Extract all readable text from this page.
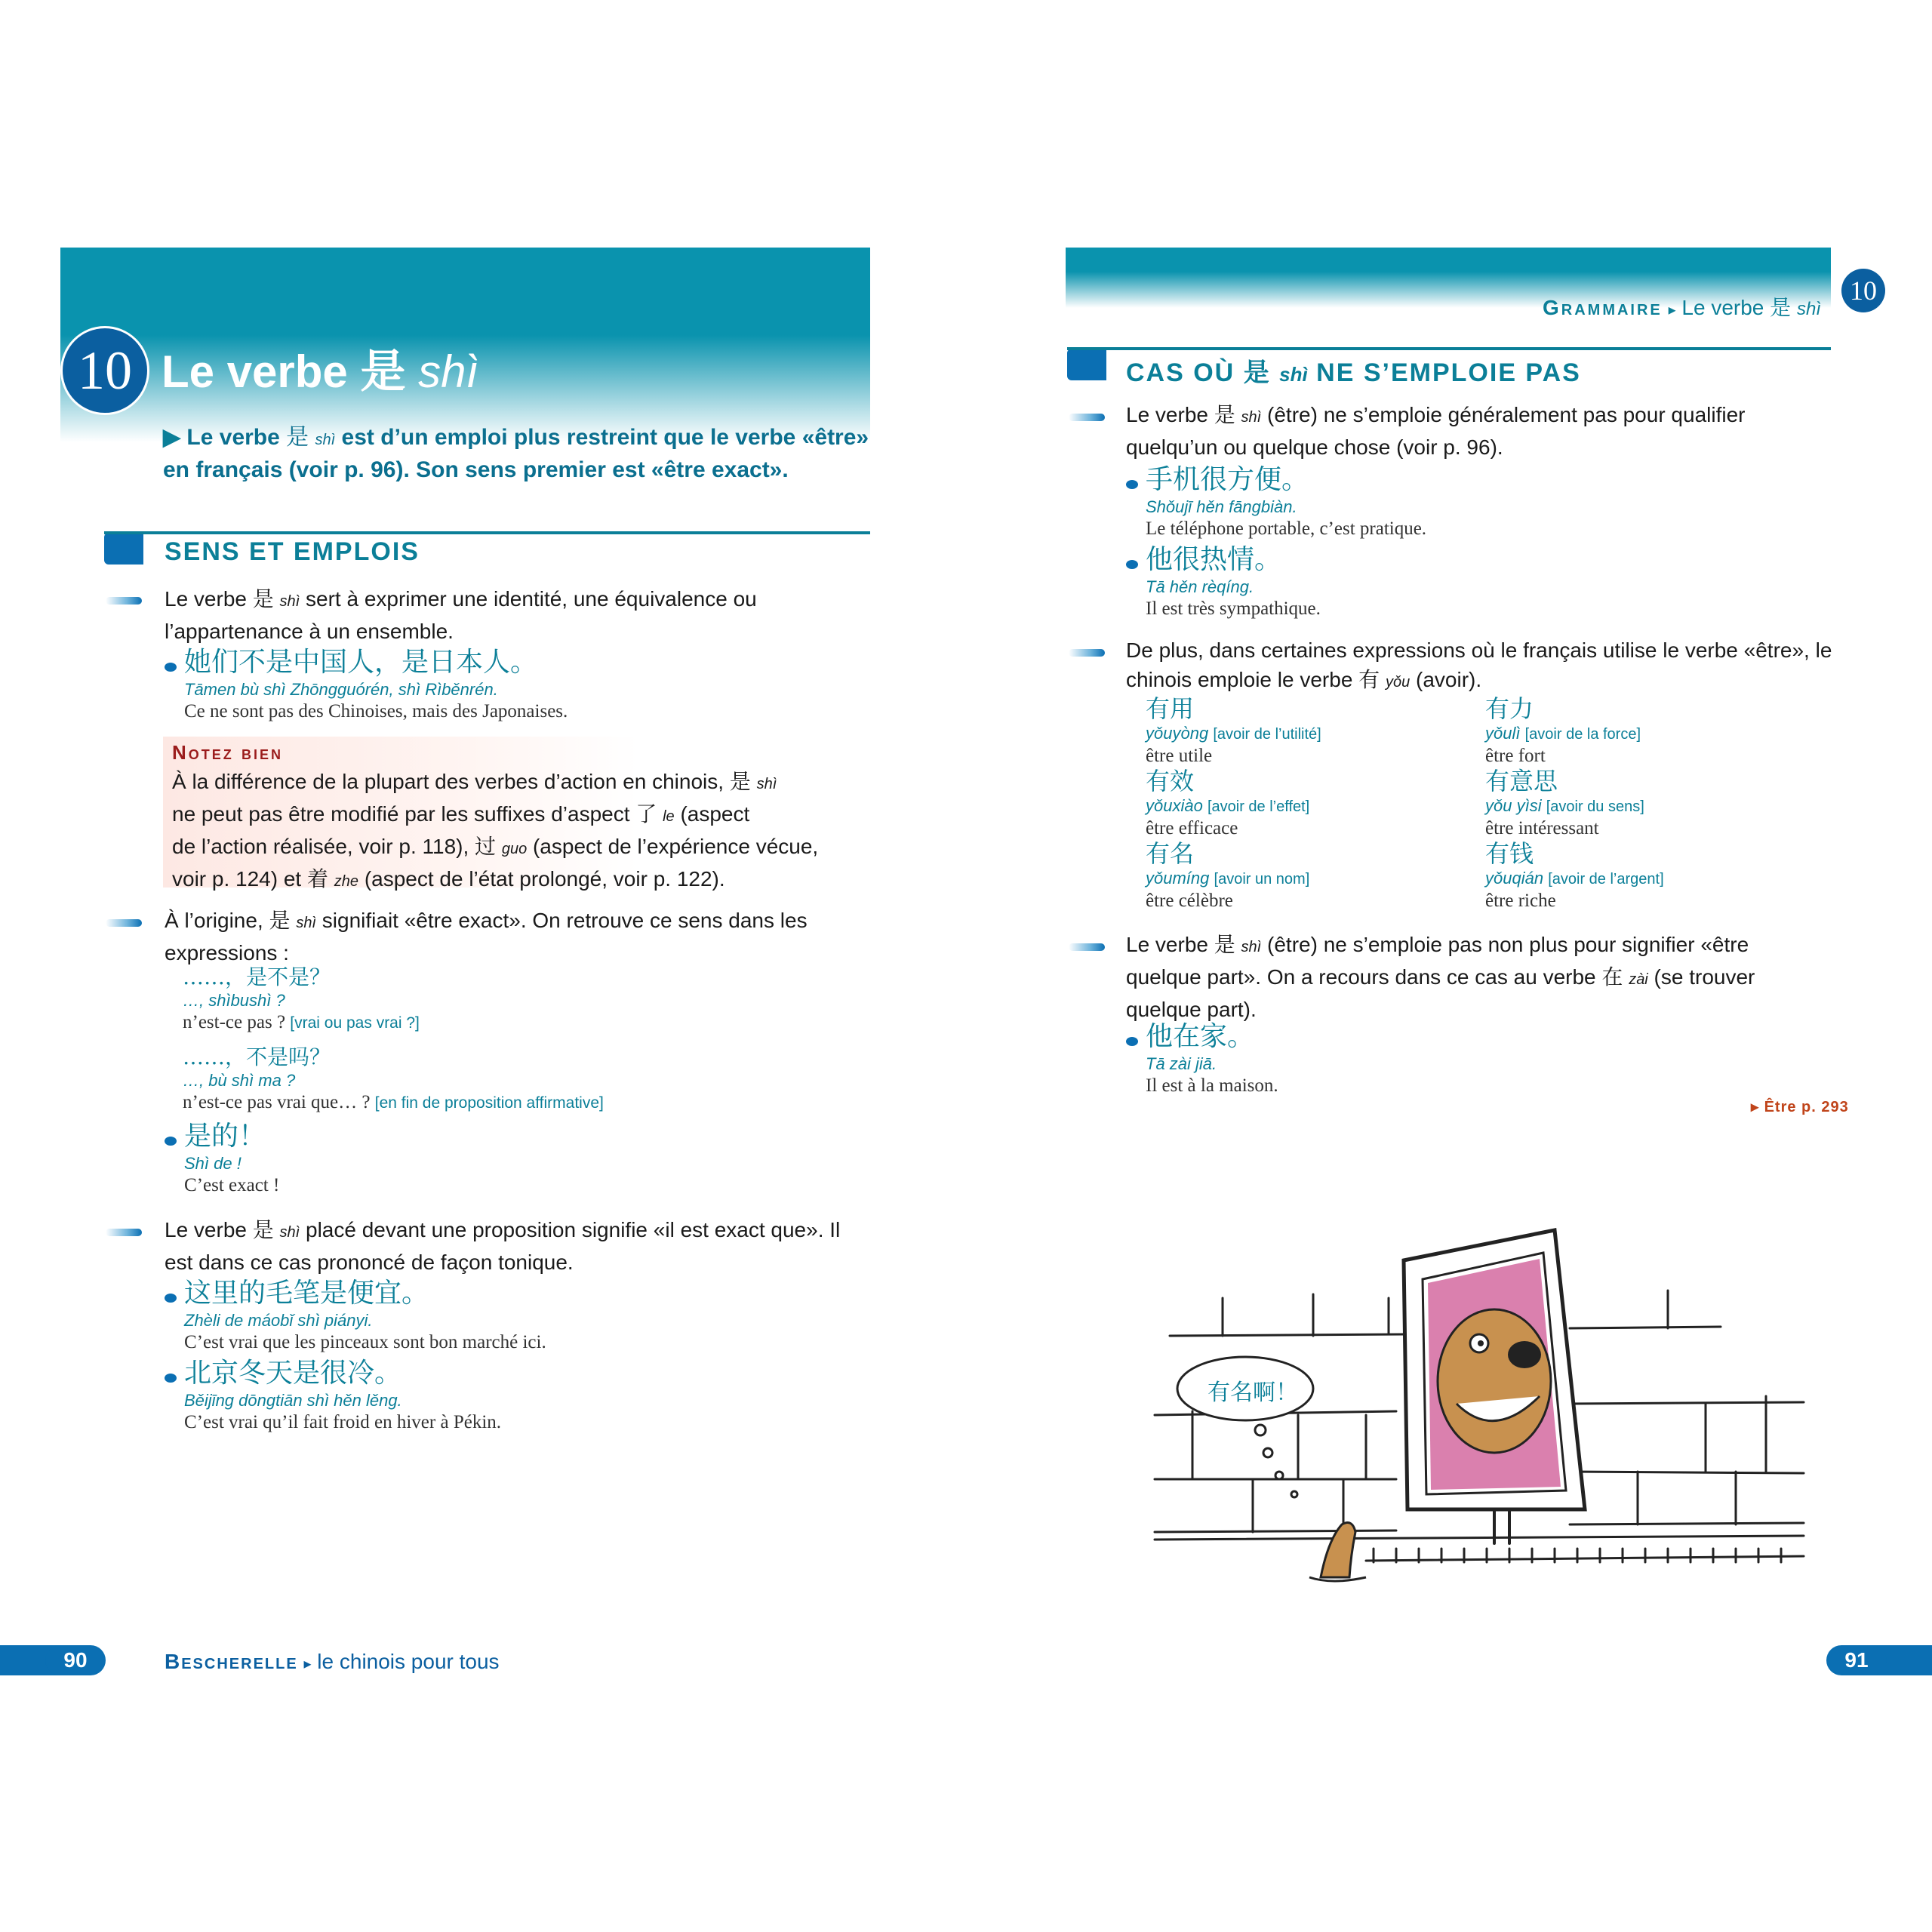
10 Le verbe 是 shì
▶ Le verbe 是 shì est d’un emploi plus restreint que le verbe «être» en français (voir p. 96). Son sens premier est «être exact».
SENS ET EMPLOIS
Le verbe 是 shì sert à exprimer une identité, une équivalence ou l’appartenance à un ensemble.
她们不是中国人，是日本人。
Tāmen bù shì Zhōngguórén, shì Rìběnrén.
Ce ne sont pas des Chinoises, mais des Japonaises.
Notez bien
À la différence de la plupart des verbes d’action en chinois, 是 shì
ne peut pas être modifié par les suffixes d’aspect 了 le (aspect
de l’action réalisée, voir p. 118), 过 guo (aspect de l’expérience vécue,
voir p. 124) et 着 zhe (aspect de l’état prolongé, voir p. 122).
À l’origine, 是 shì signifiait «être exact». On retrouve ce sens dans les expressions :
……，是不是？
…, shìbushì ?
n’est-ce pas ? [vrai ou pas vrai ?]
……，不是吗？
…, bù shì ma ?
n’est-ce pas vrai que… ? [en fin de proposition affirmative]
是的！
Shì de !
C’est exact !
Le verbe 是 shì placé devant une proposition signifie «il est exact que». Il est dans ce cas prononcé de façon tonique.
这里的毛笔是便宜。
Zhèli de máobǐ shì piányi.
C’est vrai que les pinceaux sont bon marché ici.
北京冬天是很冷。
Běijīng dōngtiān shì hěn lěng.
C’est vrai qu’il fait froid en hiver à Pékin.
90	Bescherelle ▸ le chinois pour tous
Grammaire ▸ Le verbe 是 shì
10
CAS OÙ 是 shì NE S’EMPLOIE PAS
Le verbe 是 shì (être) ne s’emploie généralement pas pour qualifier quelqu’un ou quelque chose (voir p. 96).
手机很方便。
Shǒujī hěn fāngbiàn.
Le téléphone portable, c’est pratique.
他很热情。
Tā hěn rèqíng.
Il est très sympathique.
De plus, dans certaines expressions où le français utilise le verbe «être», le chinois emploie le verbe 有 yǒu (avoir).
有用
yǒuyòng [avoir de l’utilité]
être utile
有力
yǒulì [avoir de la force]
être fort
有效
yǒuxiào [avoir de l’effet]
être efficace
有意思
yǒu yìsi [avoir du sens]
être intéressant
有名
yǒumíng [avoir un nom]
être célèbre
有钱
yǒuqián [avoir de l’argent]
être riche
Le verbe 是 shì (être) ne s’emploie pas non plus pour signifier «être quelque part». On a recours dans ce cas au verbe 在 zài (se trouver quelque part).
他在家。
Tā zài jiā.
Il est à la maison.
▸ Être p. 293
有名啊！
91
